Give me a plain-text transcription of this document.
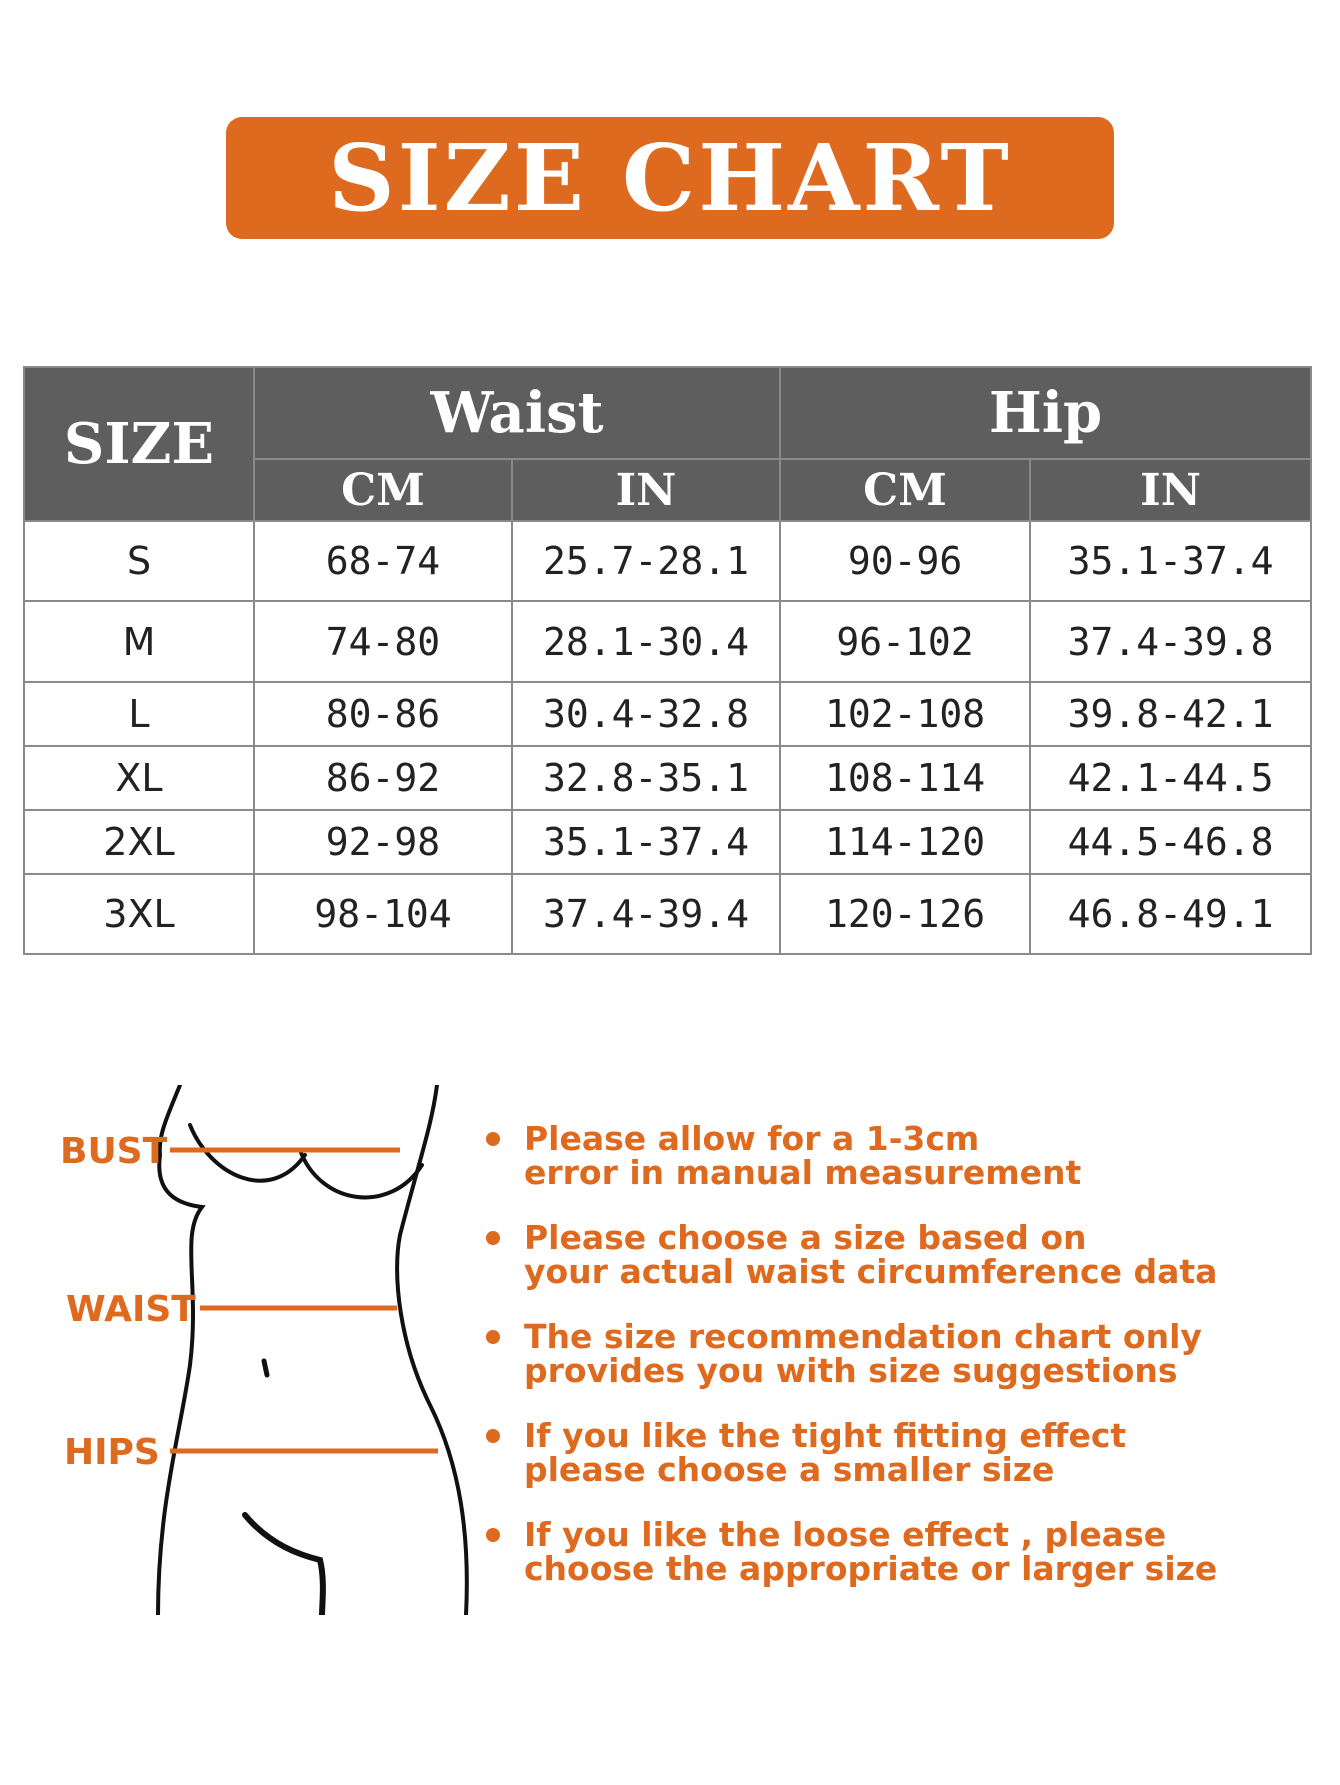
SIZE CHART
SIZE	Waist		Hip	
	CM	IN	CM	IN
S	68-74	25.7-28.1	90-96	35.1-37.4
M	74-80	28.1-30.4	96-102	37.4-39.8
L	80-86	30.4-32.8	102-108	39.8-42.1
XL	86-92	32.8-35.1	108-114	42.1-44.5
2XL	92-98	35.1-37.4	114-120	44.5-46.8
3XL	98-104	37.4-39.4	120-126	46.8-49.1
BUST
WAIST
HIPS
Please allow for a 1-3cm
error in manual measurement
Please choose a size based on
your actual waist circumference data
The size recommendation chart only
provides you with size suggestions
If you like the tight fitting effect
please choose a smaller size
If you like the loose effect , please
choose the appropriate or larger size
